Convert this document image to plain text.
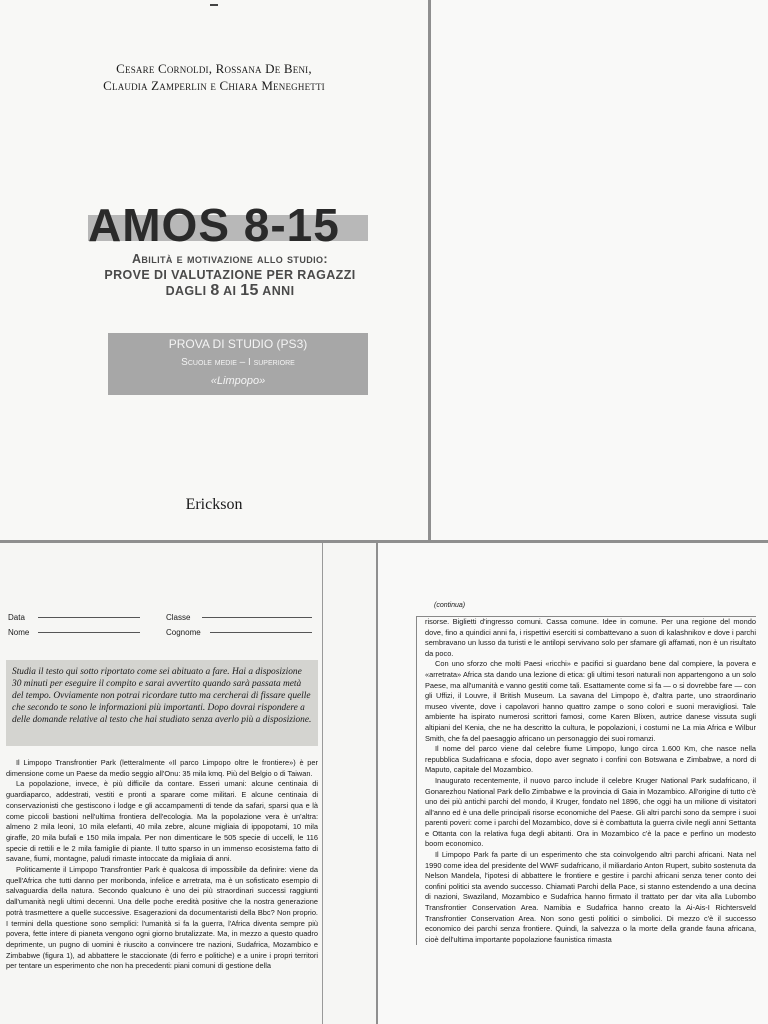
Cesare Cornoldi, Rossana De Beni,
Claudia Zamperlin e Chiara Meneghetti
AMOS 8-15
Abilità e motivazione allo studio:
PROVE DI VALUTAZIONE PER RAGAZZI
DAGLI 8 AI 15 ANNI
PROVA DI STUDIO (PS3)
Scuole medie – I superiore
«Limpopo»
Erickson
Data	Classe
Nome	Cognome
Studia il testo qui sotto riportato come sei abituato a fare. Hai a disposizione 30 minuti per eseguire il compito e sarai avvertito quando sarà passata metà del tempo. Ovviamente non potrai ricordare tutto ma cercherai di fissare quelle che secondo te sono le informazioni più importanti. Dopo dovrai rispondere a delle domande relative al testo che hai studiato senza averlo più a disposizione.

Il Limpopo Transfrontier Park (letteralmente «Il parco Limpopo oltre le frontiere») è per dimensione come un Paese da medio seggio all'Onu: 35 mila kmq. Più del Belgio o di Taiwan.

La popolazione, invece, è più difficile da contare. Esseri umani: alcune centinaia di guardiaparco, addestrati, vestiti e pronti a sparare come militari. E alcune centinaia di conservazionisti che gestiscono i lodge e gli accampamenti di tende da safari, sparsi qua e là come piccoli bastioni nell'ultima frontiera dell'ecologia. Ma la popolazione vera è un'altra: almeno 2 mila leoni, 10 mila elefanti, 40 mila zebre, alcune migliaia di ippopotami, 10 mila giraffe, 20 mila bufali e 150 mila impala. Per non dimenticare le 505 specie di uccelli, le 116 specie di rettili e le 2 mila famiglie di piante. Il tutto sparso in un immenso ecosistema fatto di savane, fiumi, montagne, paludi rimaste intoccate da migliaia di anni.

Politicamente il Limpopo Transfrontier Park è qualcosa di impossibile da definire: viene da quell'Africa che tutti danno per moribonda, infelice e arretrata, ma è un sofisticato esempio di salvaguardia della natura. Secondo qualcuno è uno dei più straordinari successi raggiunti dall'umanità negli ultimi decenni. Una delle poche eredità positive che la nostra generazione potrà trasmettere a quelle successive. Esagerazioni da documentaristi della Bbc? Non proprio. I termini della questione sono semplici: l'umanità si fa la guerra, l'Africa diventa sempre più povera, fette intere di pianeta vengono ogni giorno brutalizzate. Ma, in mezzo a questo quadro deprimente, un pugno di uomini è riuscito a convincere tre nazioni, Sudafrica, Mozambico e Zimbabwe (figura 1), ad abbattere le staccionate (di ferro e politiche) e a unire i propri territori per tentare un esperimento che non ha precedenti: piani comuni di gestione della

(continua)

risorse. Biglietti d'ingresso comuni. Cassa comune. Idee in comune. Per una regione del mondo dove, fino a quindici anni fa, i rispettivi eserciti si combattevano a suon di kalashnikov e dove i parchi sembravano un lusso da turisti e le antilopi servivano solo per sfamare gli affamati, non è un risultato da poco.

Con uno sforzo che molti Paesi «ricchi» e pacifici si guardano bene dal compiere, la povera e «arretrata» Africa sta dando una lezione di etica: gli ultimi tesori naturali non appartengono a un solo Paese, ma all'umanità e vanno gestiti come tali. Esattamente come si fa — o si dovrebbe fare — con gli Uffizi, il Louvre, il British Museum. La savana del Limpopo è, d'altra parte, uno straordinario museo vivente, dove i capolavori hanno quattro zampe o sono colori e suoni meravigliosi. Tale ambiente ha ispirato numerosi scrittori famosi, come Karen Blixen, autrice danese vissuta sugli altipiani del Kenia, che ne ha descritto la cultura, le popolazioni, i costumi ne La mia Africa e Wilbur Smith, che fa del paesaggio africano un personaggio dei suoi romanzi.

Il nome del parco viene dal celebre fiume Limpopo, lungo circa 1.600 Km, che nasce nella repubblica Sudafricana e sfocia, dopo aver segnato i confini con Botswana e Zimbabwe, a nord di Maputo, capitale del Mozambico.

Inaugurato recentemente, il nuovo parco include il celebre Kruger National Park sudafricano, il Gonarezhou National Park dello Zimbabwe e la provincia di Gaia in Mozambico. All'origine di tutto c'è uno dei più antichi parchi del mondo, il Kruger, fondato nel 1896, che oggi ha un milione di visitatori all'anno ed è una delle principali risorse economiche del Paese. Gli altri parchi sono da sempre i suoi parenti poveri: come i parchi del Mozambico, dove si è combattuta la guerra civile negli anni Settanta e Ottanta con la relativa fuga degli abitanti. Ora in Mozambico c'è la pace e perfino un modesto boom economico.

Il Limpopo Park fa parte di un esperimento che sta coinvolgendo altri parchi africani. Nata nel 1990 come idea del presidente del WWF sudafricano, il miliardario Anton Rupert, subito sostenuta da Nelson Mandela, l'ipotesi di abbattere le frontiere e gestire i parchi africani senza tener conto dei confini politici sta avendo successo. Chiamati Parchi della Pace, si stanno estendendo a una decina di nazioni, Swaziland, Mozambico e Sudafrica hanno firmato il trattato per dar vita alla Lubombo Transfrontier Conservation Area. Namibia e Sudafrica hanno creato la Ai-Ais-I Richtersveld Transfrontier Conservation Area. Non sono gesti politici o simbolici. Di mezzo c'è il successo economico dei parchi senza frontiere. Quindi, la salvezza o la morte della grande fauna africana, cioè dell'ultima importante popolazione faunistica rimasta
